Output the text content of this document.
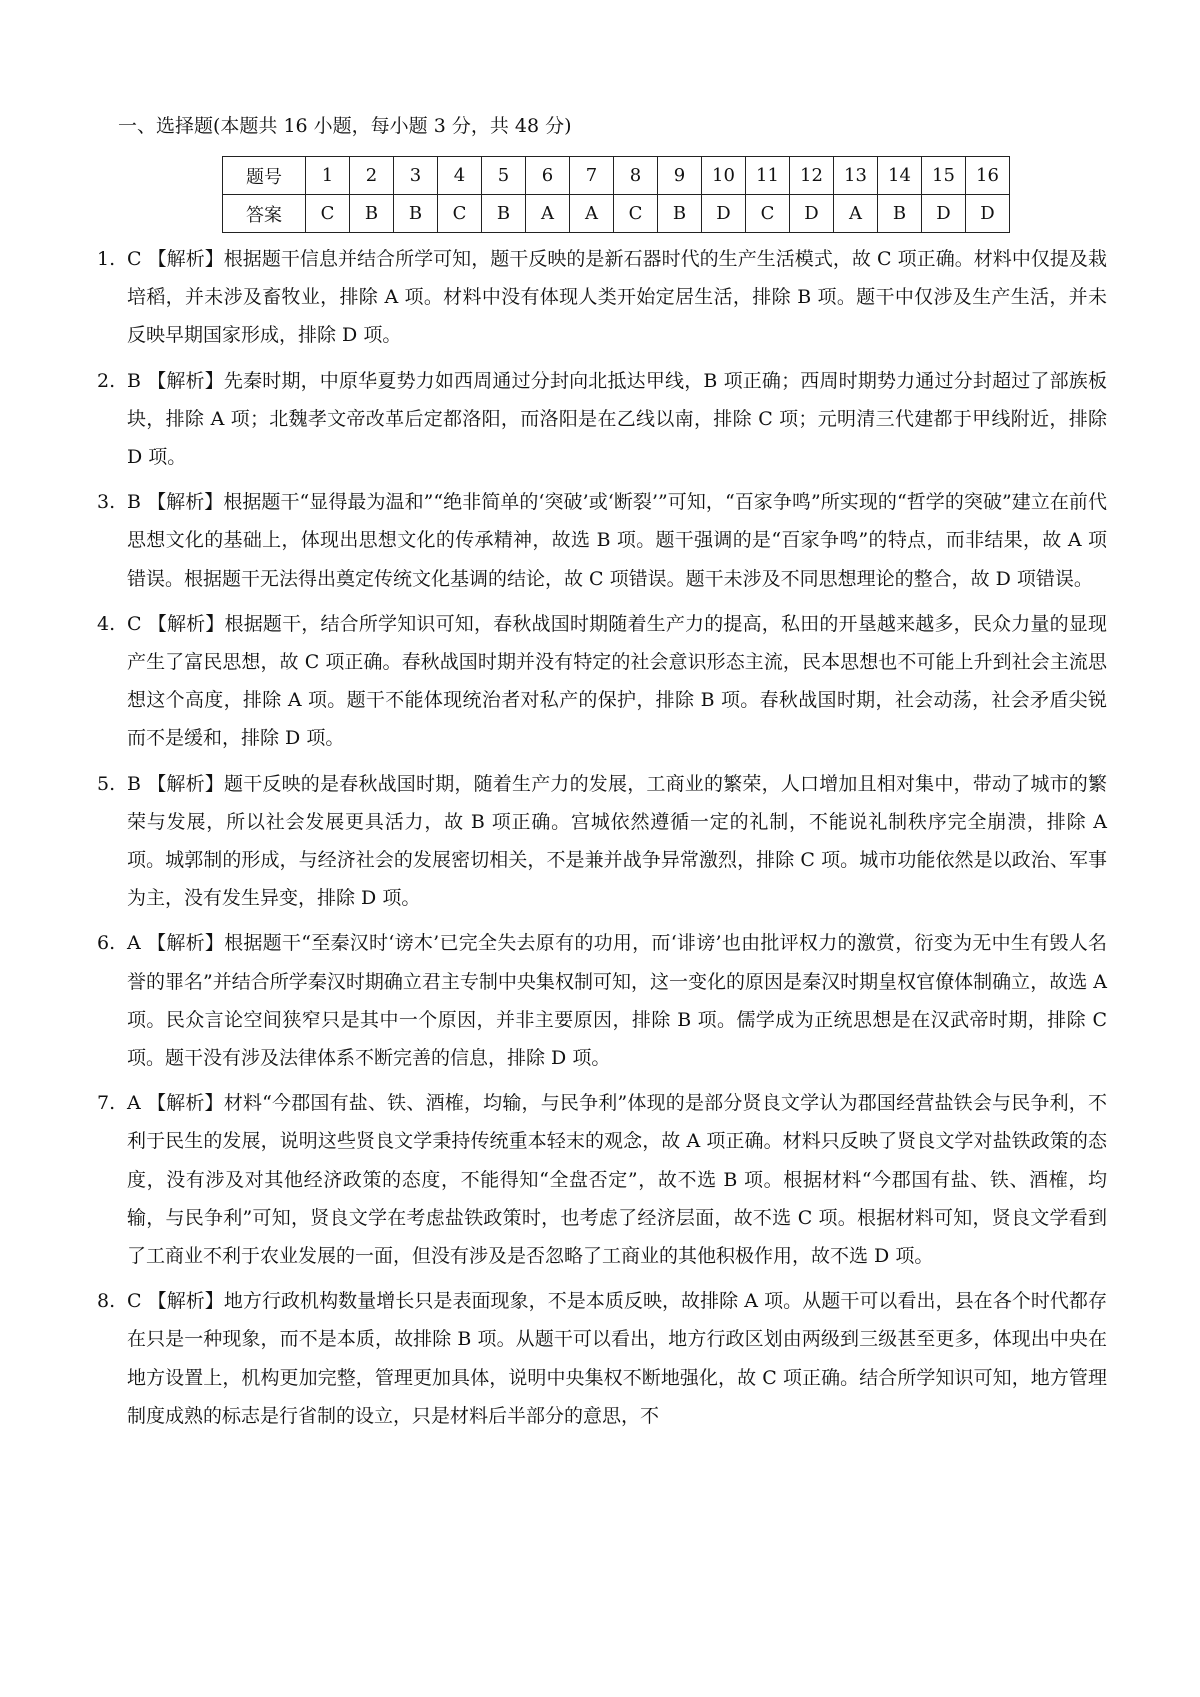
一、选择题(本题共 16 小题，每小题 3 分，共 48 分)
题号	1	2	3	4	5	6	7	8	9	10	11	12	13	14	15	16
答案	C	B	B	C	B	A	A	C	B	D	C	D	A	B	D	D

1. C 【解析】根据题干信息并结合所学可知，题干反映的是新石器时代的生产生活模式，故 C 项正确。材料中仅提及栽培稻，并未涉及畜牧业，排除 A 项。材料中没有体现人类开始定居生活，排除 B 项。题干中仅涉及生产生活，并未反映早期国家形成，排除 D 项。

2. B 【解析】先秦时期，中原华夏势力如西周通过分封向北抵达甲线，B 项正确；西周时期势力通过分封超过了部族板块，排除 A 项；北魏孝文帝改革后定都洛阳，而洛阳是在乙线以南，排除 C 项；元明清三代建都于甲线附近，排除 D 项。

3. B 【解析】根据题干“显得最为温和”“绝非简单的‘突破’或‘断裂’”可知，“百家争鸣”所实现的“哲学的突破”建立在前代思想文化的基础上，体现出思想文化的传承精神，故选 B 项。题干强调的是“百家争鸣”的特点，而非结果，故 A 项错误。根据题干无法得出奠定传统文化基调的结论，故 C 项错误。题干未涉及不同思想理论的整合，故 D 项错误。

4. C 【解析】根据题干，结合所学知识可知，春秋战国时期随着生产力的提高，私田的开垦越来越多，民众力量的显现产生了富民思想，故 C 项正确。春秋战国时期并没有特定的社会意识形态主流，民本思想也不可能上升到社会主流思想这个高度，排除 A 项。题干不能体现统治者对私产的保护，排除 B 项。春秋战国时期，社会动荡，社会矛盾尖锐而不是缓和，排除 D 项。

5. B 【解析】题干反映的是春秋战国时期，随着生产力的发展，工商业的繁荣，人口增加且相对集中，带动了城市的繁荣与发展，所以社会发展更具活力，故 B 项正确。宫城依然遵循一定的礼制，不能说礼制秩序完全崩溃，排除 A 项。城郭制的形成，与经济社会的发展密切相关，不是兼并战争异常激烈，排除 C 项。城市功能依然是以政治、军事为主，没有发生异变，排除 D 项。

6. A 【解析】根据题干“至秦汉时‘谤木’已完全失去原有的功用，而‘诽谤’也由批评权力的激赏，衍变为无中生有毁人名誉的罪名”并结合所学秦汉时期确立君主专制中央集权制可知，这一变化的原因是秦汉时期皇权官僚体制确立，故选 A 项。民众言论空间狭窄只是其中一个原因，并非主要原因，排除 B 项。儒学成为正统思想是在汉武帝时期，排除 C 项。题干没有涉及法律体系不断完善的信息，排除 D 项。

7. A 【解析】材料“今郡国有盐、铁、酒榷，均输，与民争利”体现的是部分贤良文学认为郡国经营盐铁会与民争利，不利于民生的发展，说明这些贤良文学秉持传统重本轻末的观念，故 A 项正确。材料只反映了贤良文学对盐铁政策的态度，没有涉及对其他经济政策的态度，不能得知“全盘否定”，故不选 B 项。根据材料“今郡国有盐、铁、酒榷，均输，与民争利”可知，贤良文学在考虑盐铁政策时，也考虑了经济层面，故不选 C 项。根据材料可知，贤良文学看到了工商业不利于农业发展的一面，但没有涉及是否忽略了工商业的其他积极作用，故不选 D 项。

8. C 【解析】地方行政机构数量增长只是表面现象，不是本质反映，故排除 A 项。从题干可以看出，县在各个时代都存在只是一种现象，而不是本质，故排除 B 项。从题干可以看出，地方行政区划由两级到三级甚至更多，体现出中央在地方设置上，机构更加完整，管理更加具体，说明中央集权不断地强化，故 C 项正确。结合所学知识可知，地方管理制度成熟的标志是行省制的设立，只是材料后半部分的意思，不
